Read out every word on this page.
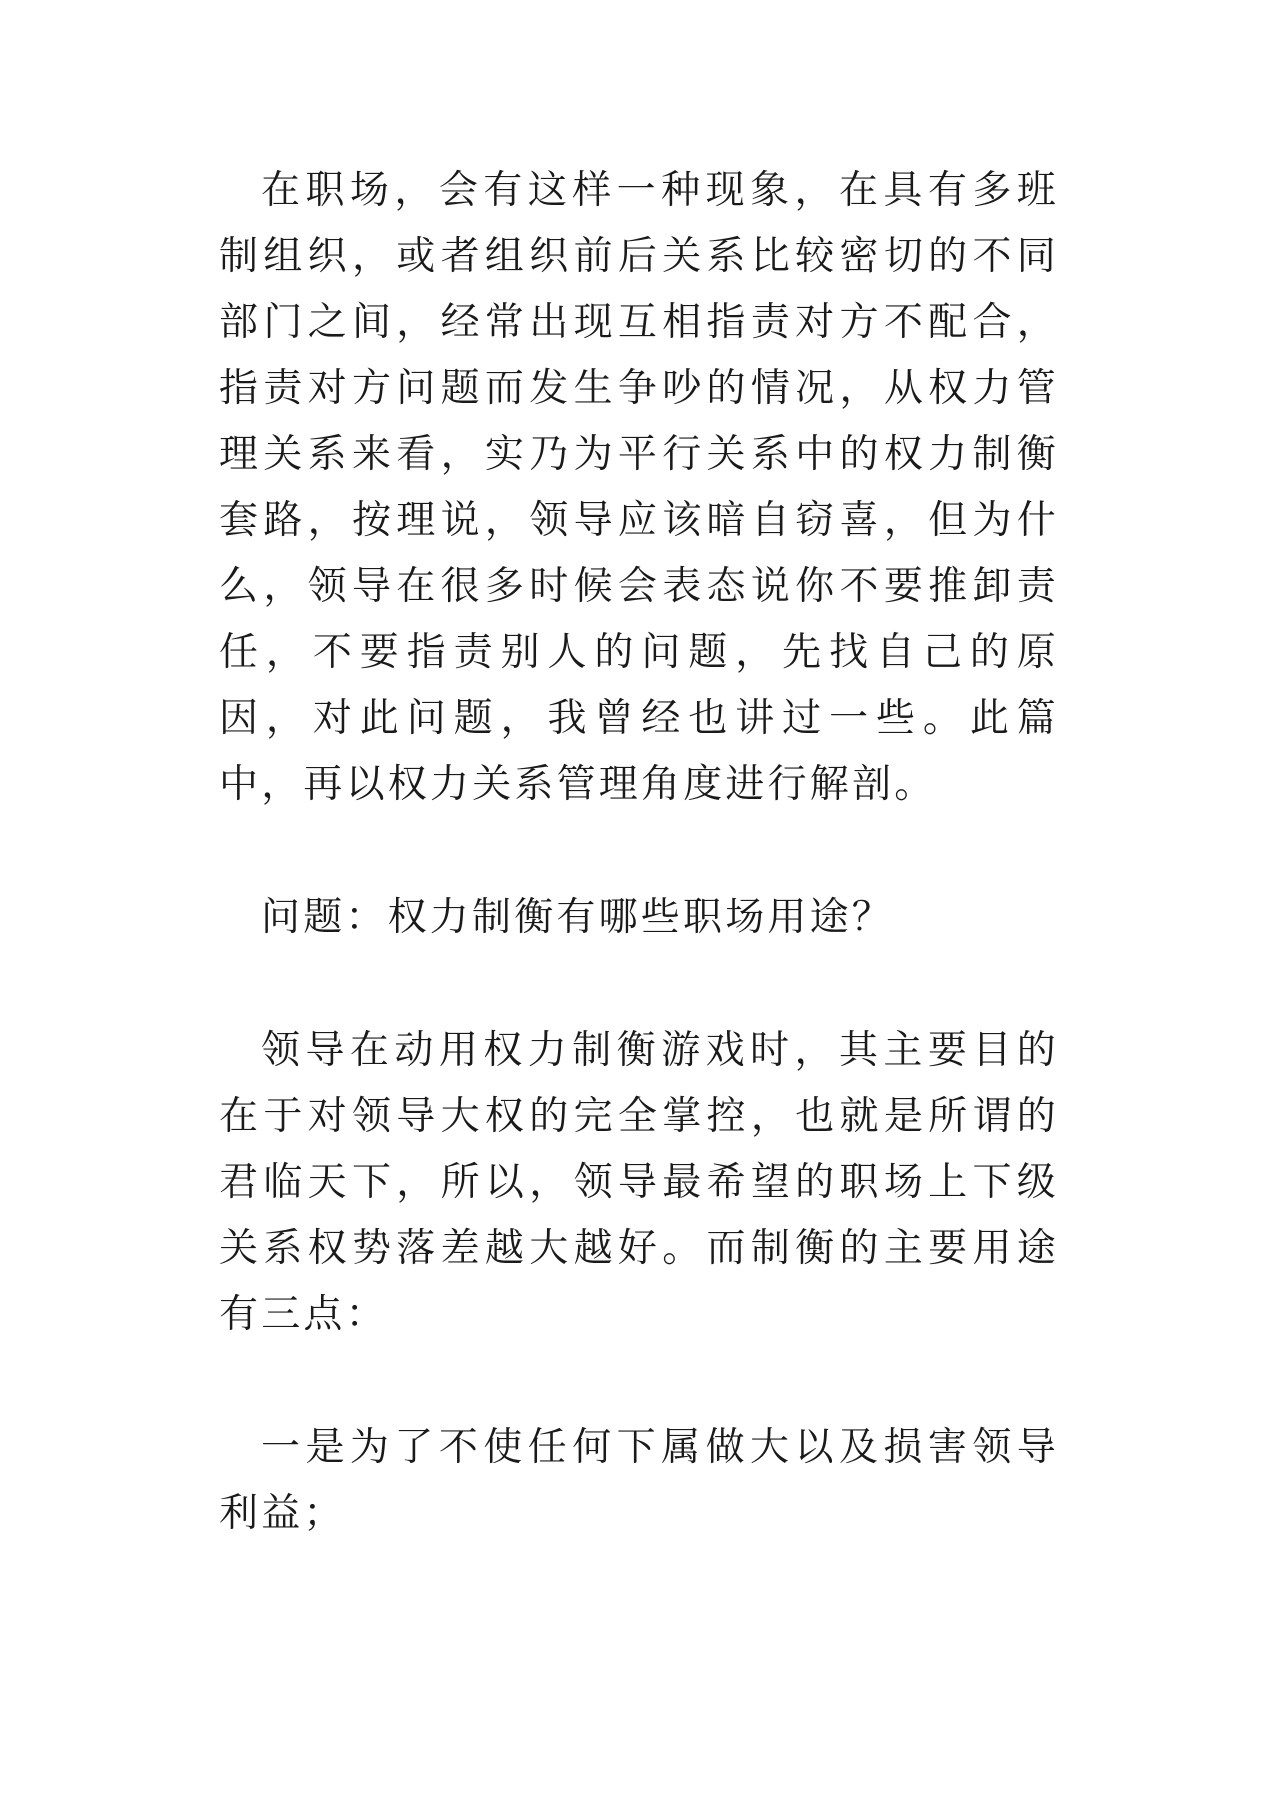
在职场，会有这样一种现象，在具有多班制组织，或者组织前后关系比较密切的不同部门之间，经常出现互相指责对方不配合，指责对方问题而发生争吵的情况，从权力管理关系来看，实乃为平行关系中的权力制衡套路，按理说，领导应该暗自窃喜，但为什么，领导在很多时候会表态说你不要推卸责任，不要指责别人的问题，先找自己的原因，对此问题，我曾经也讲过一些。此篇中，再以权力关系管理角度进行解剖。

问题：权力制衡有哪些职场用途？

领导在动用权力制衡游戏时，其主要目的在于对领导大权的完全掌控，也就是所谓的君临天下，所以，领导最希望的职场上下级关系权势落差越大越好。而制衡的主要用途有三点：

一是为了不使任何下属做大以及损害领导利益；
